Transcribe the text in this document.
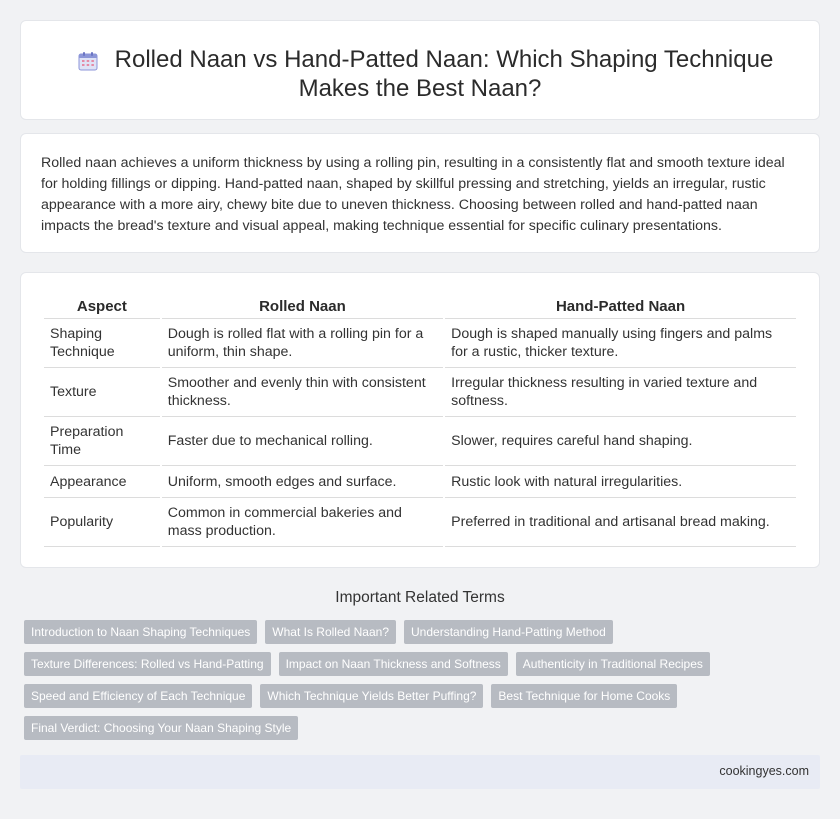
Rolled Naan vs Hand-Patted Naan: Which Shaping Technique
Makes the Best Naan?

Rolled naan achieves a uniform thickness by using a rolling pin, resulting in a consistently flat and smooth texture ideal for holding fillings or dipping. Hand-patted naan, shaped by skillful pressing and stretching, yields an irregular, rustic appearance with a more airy, chewy bite due to uneven thickness. Choosing between rolled and hand-patted naan impacts the bread's texture and visual appeal, making technique essential for specific culinary presentations.

Aspect	Rolled Naan	Hand-Patted Naan
Shaping Technique	Dough is rolled flat with a rolling pin for a uniform, thin shape.	Dough is shaped manually using fingers and palms for a rustic, thicker texture.
Texture	Smoother and evenly thin with consistent thickness.	Irregular thickness resulting in varied texture and softness.
Preparation Time	Faster due to mechanical rolling.	Slower, requires careful hand shaping.
Appearance	Uniform, smooth edges and surface.	Rustic look with natural irregularities.
Popularity	Common in commercial bakeries and mass production.	Preferred in traditional and artisanal bread making.
Important Related Terms
Introduction to Naan Shaping Techniques	What Is Rolled Naan?	Understanding Hand-Patting Method
Texture Differences: Rolled vs Hand-Patting	Impact on Naan Thickness and Softness	Authenticity in Traditional Recipes
Speed and Efficiency of Each Technique	Which Technique Yields Better Puffing?	Best Technique for Home Cooks
Final Verdict: Choosing Your Naan Shaping Style
cookingyes.com
